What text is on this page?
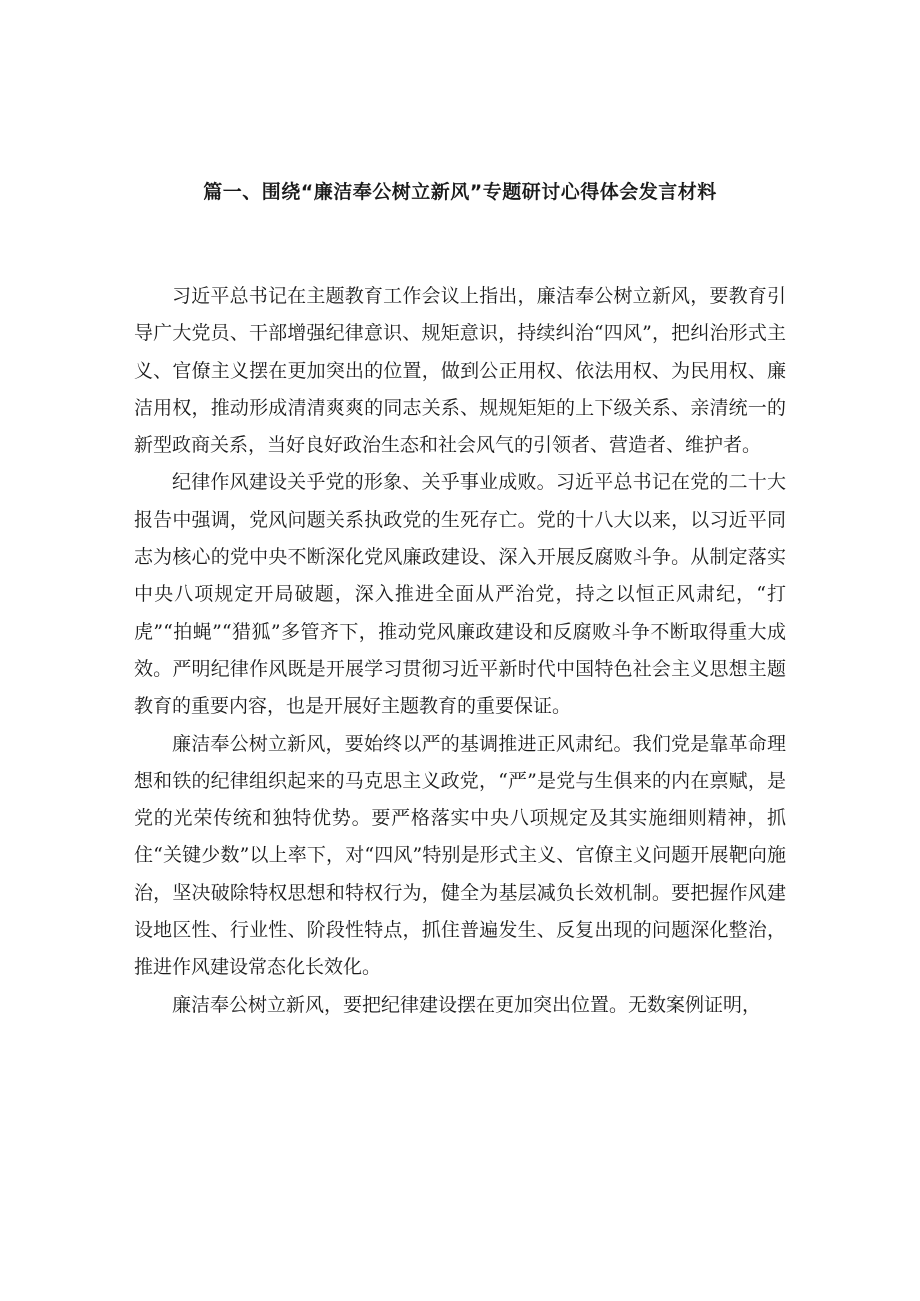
篇一、围绕“廉洁奉公树立新风”专题研讨心得体会发言材料

习近平总书记在主题教育工作会议上指出，廉洁奉公树立新风，要教育引导广大党员、干部增强纪律意识、规矩意识，持续纠治“四风”，把纠治形式主义、官僚主义摆在更加突出的位置，做到公正用权、依法用权、为民用权、廉洁用权，推动形成清清爽爽的同志关系、规规矩矩的上下级关系、亲清统一的新型政商关系，当好良好政治生态和社会风气的引领者、营造者、维护者。

纪律作风建设关乎党的形象、关乎事业成败。习近平总书记在党的二十大报告中强调，党风问题关系执政党的生死存亡。党的十八大以来，以习近平同志为核心的党中央不断深化党风廉政建设、深入开展反腐败斗争。从制定落实中央八项规定开局破题，深入推进全面从严治党，持之以恒正风肃纪，“打虎”“拍蝇”“猎狐”多管齐下，推动党风廉政建设和反腐败斗争不断取得重大成效。严明纪律作风既是开展学习贯彻习近平新时代中国特色社会主义思想主题教育的重要内容，也是开展好主题教育的重要保证。

廉洁奉公树立新风，要始终以严的基调推进正风肃纪。我们党是靠革命理想和铁的纪律组织起来的马克思主义政党，“严”是党与生俱来的内在禀赋，是党的光荣传统和独特优势。要严格落实中央八项规定及其实施细则精神，抓住“关键少数”以上率下，对“四风”特别是形式主义、官僚主义问题开展靶向施治，坚决破除特权思想和特权行为，健全为基层减负长效机制。要把握作风建设地区性、行业性、阶段性特点，抓住普遍发生、反复出现的问题深化整治，推进作风建设常态化长效化。

廉洁奉公树立新风，要把纪律建设摆在更加突出位置。无数案例证明，
